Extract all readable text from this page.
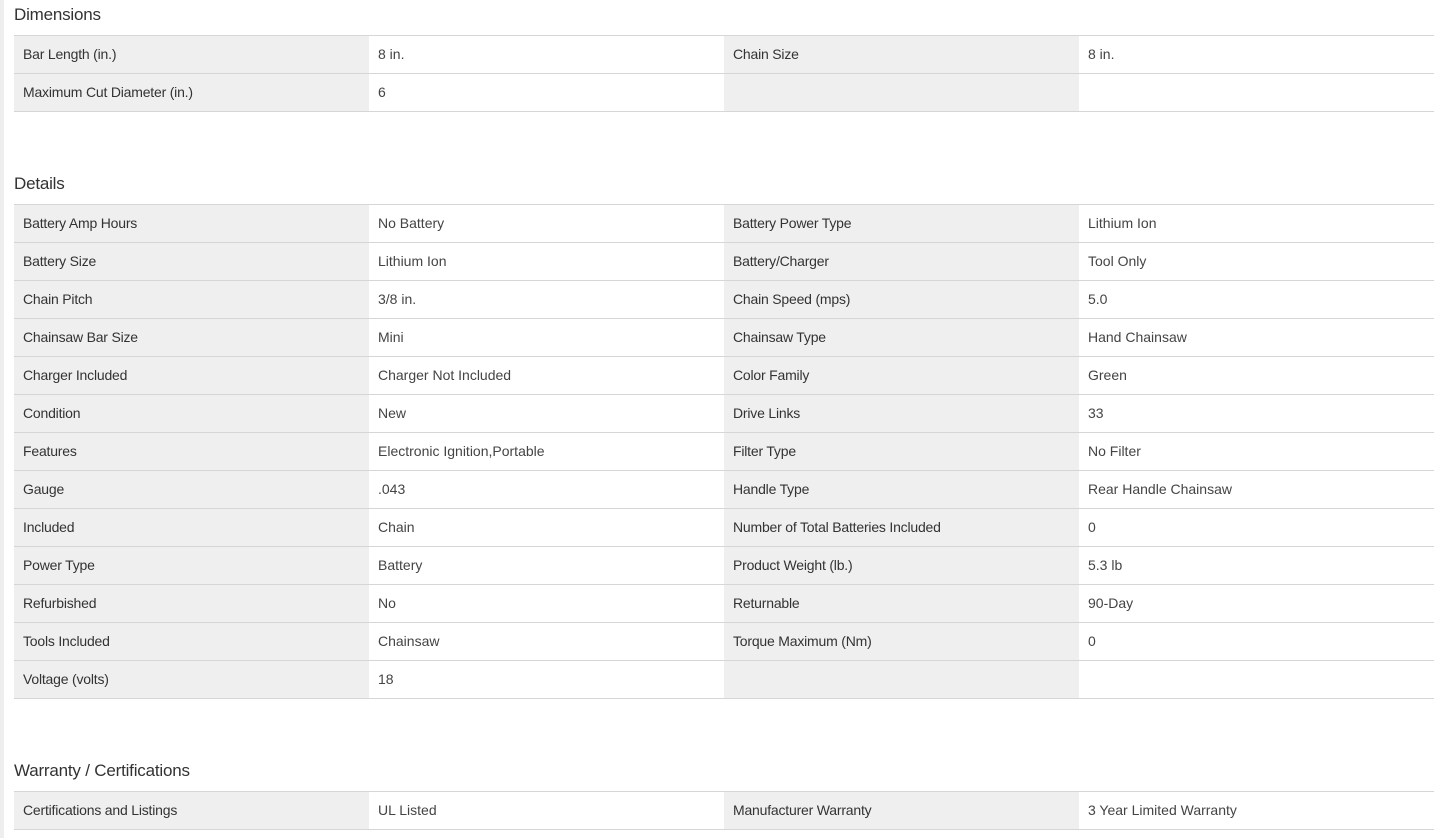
Dimensions
Bar Length (in.)	8 in.	Chain Size	8 in.
Maximum Cut Diameter (in.)	6
Details
Battery Amp Hours	No Battery	Battery Power Type	Lithium Ion
Battery Size	Lithium Ion	Battery/Charger	Tool Only
Chain Pitch	3/8 in.	Chain Speed (mps)	5.0
Chainsaw Bar Size	Mini	Chainsaw Type	Hand Chainsaw
Charger Included	Charger Not Included	Color Family	Green
Condition	New	Drive Links	33
Features	Electronic Ignition,Portable	Filter Type	No Filter
Gauge	.043	Handle Type	Rear Handle Chainsaw
Included	Chain	Number of Total Batteries Included	0
Power Type	Battery	Product Weight (lb.)	5.3 lb
Refurbished	No	Returnable	90-Day
Tools Included	Chainsaw	Torque Maximum (Nm)	0
Voltage (volts)	18
Warranty / Certifications
Certifications and Listings	UL Listed	Manufacturer Warranty	3 Year Limited Warranty
